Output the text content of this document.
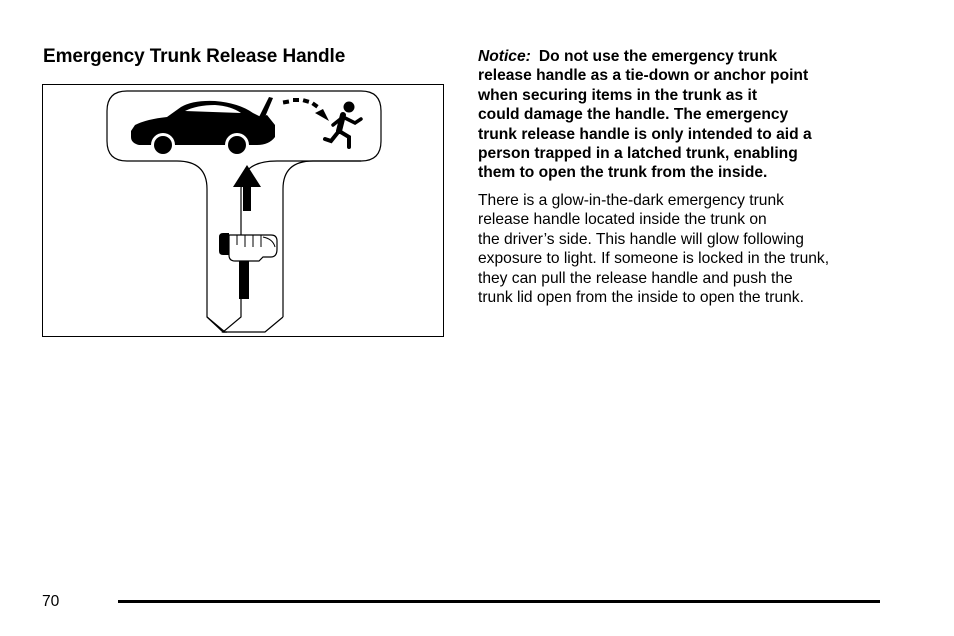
Emergency Trunk Release Handle	Notice: Do not use the emergency trunk
release handle as a tie-down or anchor point
when securing items in the trunk as it
could damage the handle. The emergency
trunk release handle is only intended to aid a
person trapped in a latched trunk, enabling
them to open the trunk from the inside.
There is a glow-in-the-dark emergency trunk
release handle located inside the trunk on
the driver’s side. This handle will glow following
exposure to light. If someone is locked in the trunk,
they can pull the release handle and push the
trunk lid open from the inside to open the trunk.
70
